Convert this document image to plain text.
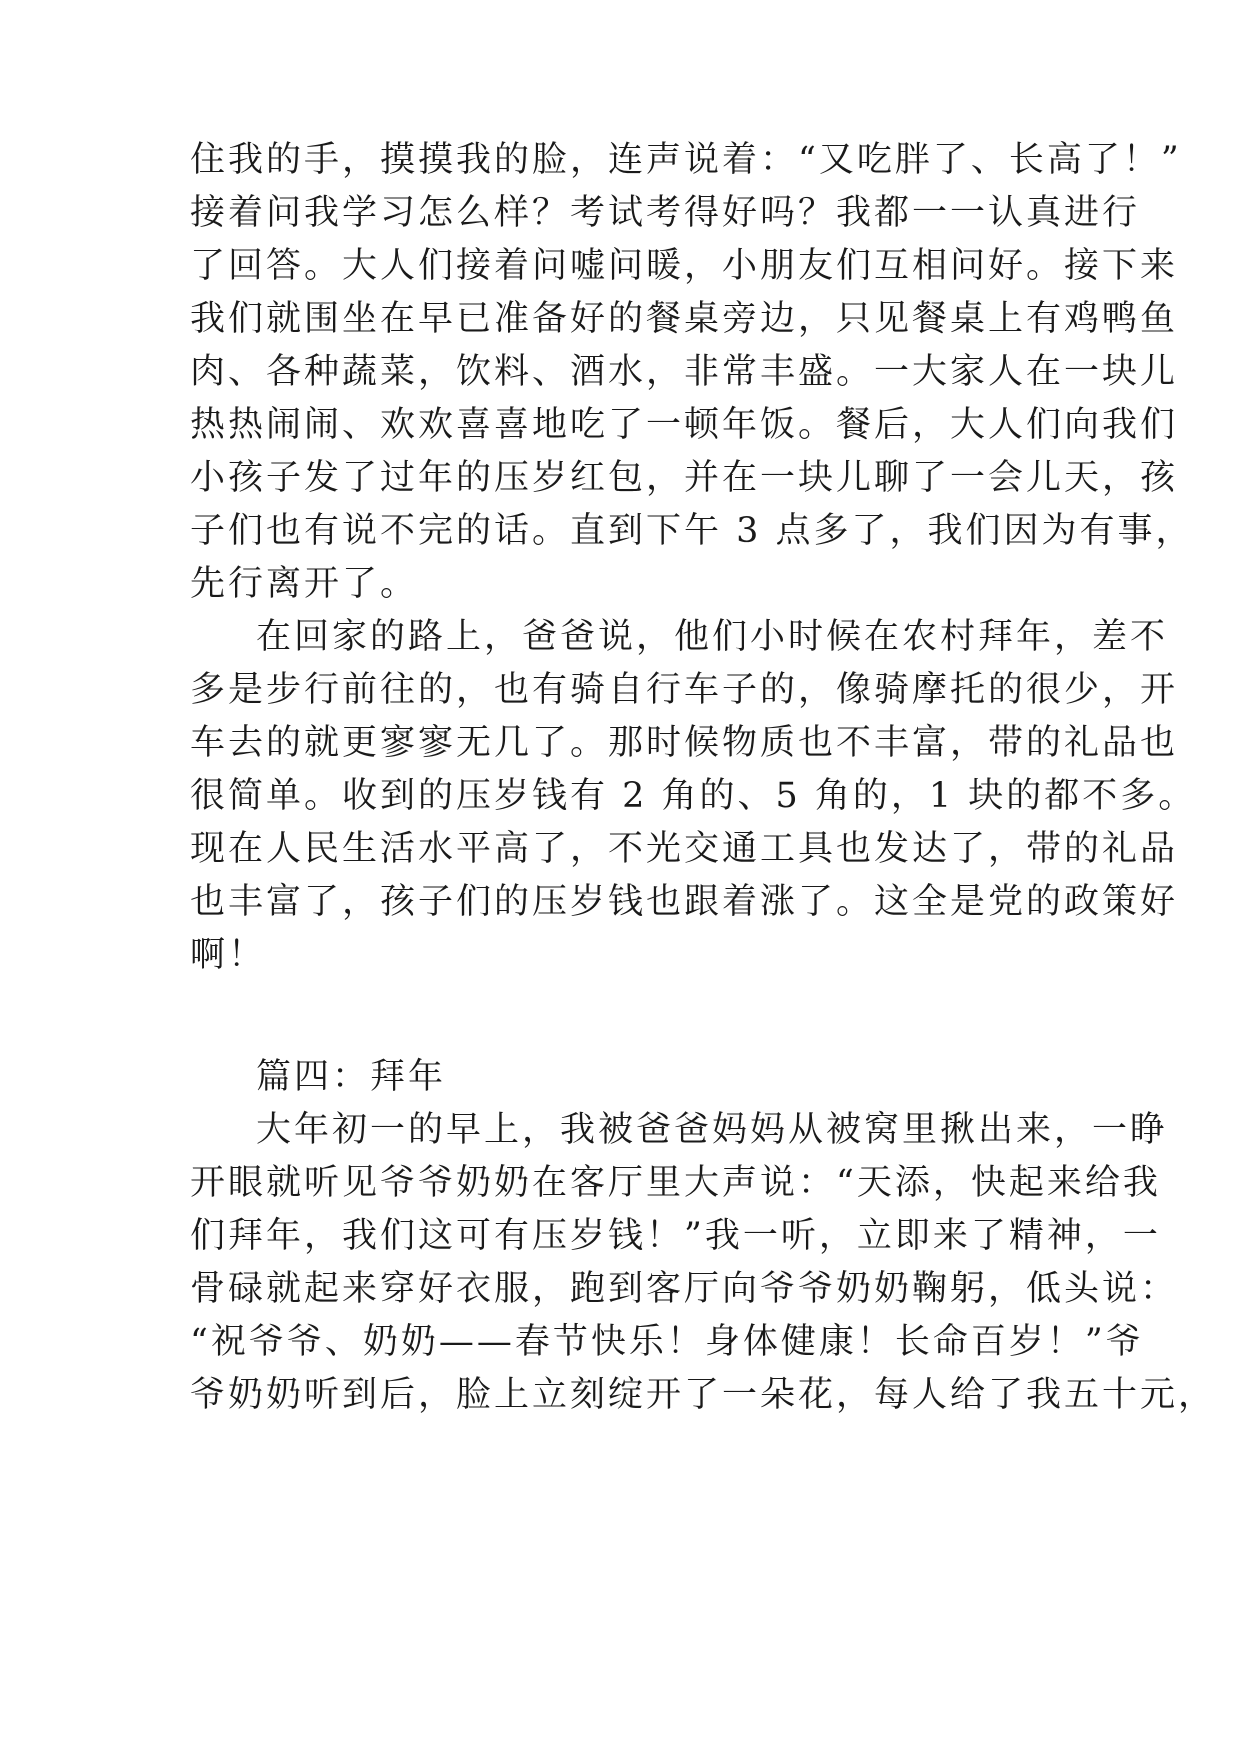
住我的手，摸摸我的脸，连声说着：“又吃胖了、长高了！”
接着问我学习怎么样？考试考得好吗？我都一一认真进行
了回答。大人们接着问嘘问暖，小朋友们互相问好。接下来
我们就围坐在早已准备好的餐桌旁边，只见餐桌上有鸡鸭鱼
肉、各种蔬菜，饮料、酒水，非常丰盛。一大家人在一块儿
热热闹闹、欢欢喜喜地吃了一顿年饭。餐后，大人们向我们
小孩子发了过年的压岁红包，并在一块儿聊了一会儿天，孩
子们也有说不完的话。直到下午 3 点多了，我们因为有事，
先行离开了。
在回家的路上，爸爸说，他们小时候在农村拜年，差不
多是步行前往的，也有骑自行车子的，像骑摩托的很少，开
车去的就更寥寥无几了。那时候物质也不丰富，带的礼品也
很简单。收到的压岁钱有 2 角的、5 角的，1 块的都不多。
现在人民生活水平高了，不光交通工具也发达了，带的礼品
也丰富了，孩子们的压岁钱也跟着涨了。这全是党的政策好
啊！
篇四：拜年
大年初一的早上，我被爸爸妈妈从被窝里揪出来，一睁
开眼就听见爷爷奶奶在客厅里大声说：“天添，快起来给我
们拜年，我们这可有压岁钱！”我一听，立即来了精神，一
骨碌就起来穿好衣服，跑到客厅向爷爷奶奶鞠躬，低头说：
“祝爷爷、奶奶——春节快乐！身体健康！长命百岁！”爷
爷奶奶听到后，脸上立刻绽开了一朵花，每人给了我五十元，
